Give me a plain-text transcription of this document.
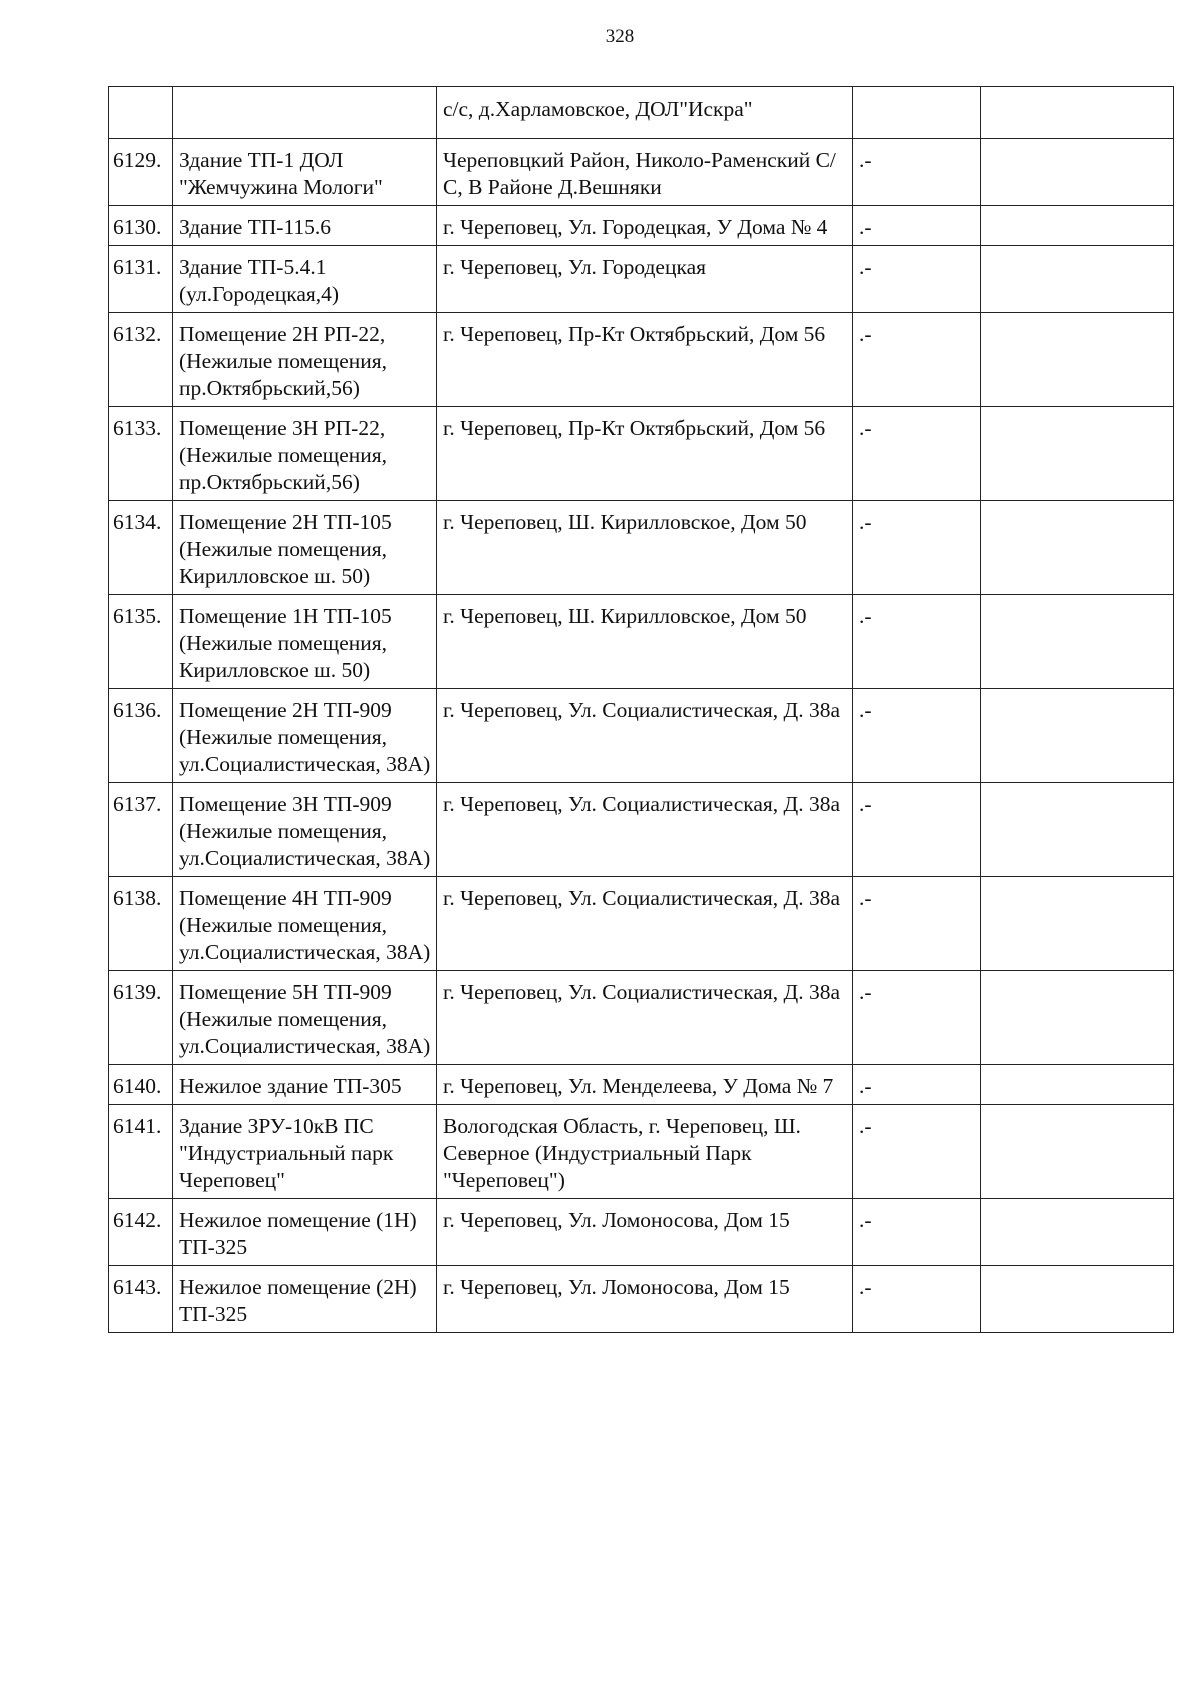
328
		с/с, д.Харламовское, ДОЛ"Искра"		
6129.	Здание ТП-1 ДОЛ "Жемчужина Мологи"	Череповцкий Район, Николо-Раменский С/С, В Районе Д.Вешняки	.-	
6130.	Здание ТП-115.6	г. Череповец, Ул. Городецкая, У Дома № 4	.-	
6131.	Здание ТП-5.4.1 (ул.Городецкая,4)	г. Череповец, Ул. Городецкая	.-	
6132.	Помещение 2Н РП-22, (Нежилые помещения, пр.Октябрьский,56)	г. Череповец, Пр-Кт Октябрьский, Дом 56	.-	
6133.	Помещение 3Н РП-22, (Нежилые помещения, пр.Октябрьский,56)	г. Череповец, Пр-Кт Октябрьский, Дом 56	.-	
6134.	Помещение 2Н ТП-105 (Нежилые помещения, Кирилловское ш. 50)	г. Череповец, Ш. Кирилловское, Дом 50	.-	
6135.	Помещение 1Н ТП-105 (Нежилые помещения, Кирилловское ш. 50)	г. Череповец, Ш. Кирилловское, Дом 50	.-	
6136.	Помещение 2Н ТП-909 (Нежилые помещения, ул.Социалистическая, 38А)	г. Череповец, Ул. Социалистическая, Д. 38а	.-	
6137.	Помещение 3Н ТП-909 (Нежилые помещения, ул.Социалистическая, 38А)	г. Череповец, Ул. Социалистическая, Д. 38а	.-	
6138.	Помещение 4Н ТП-909 (Нежилые помещения, ул.Социалистическая, 38А)	г. Череповец, Ул. Социалистическая, Д. 38а	.-	
6139.	Помещение 5Н ТП-909 (Нежилые помещения, ул.Социалистическая, 38А)	г. Череповец, Ул. Социалистическая, Д. 38а	.-	
6140.	Нежилое здание ТП-305	г. Череповец, Ул. Менделеева, У Дома № 7	.-	
6141.	Здание ЗРУ-10кВ ПС "Индустриальный парк Череповец"	Вологодская Область, г. Череповец, Ш. Северное (Индустриальный Парк "Череповец")	.-	
6142.	Нежилое помещение (1Н) ТП-325	г. Череповец, Ул. Ломоносова, Дом 15	.-	
6143.	Нежилое помещение (2Н) ТП-325	г. Череповец, Ул. Ломоносова, Дом 15	.-	
